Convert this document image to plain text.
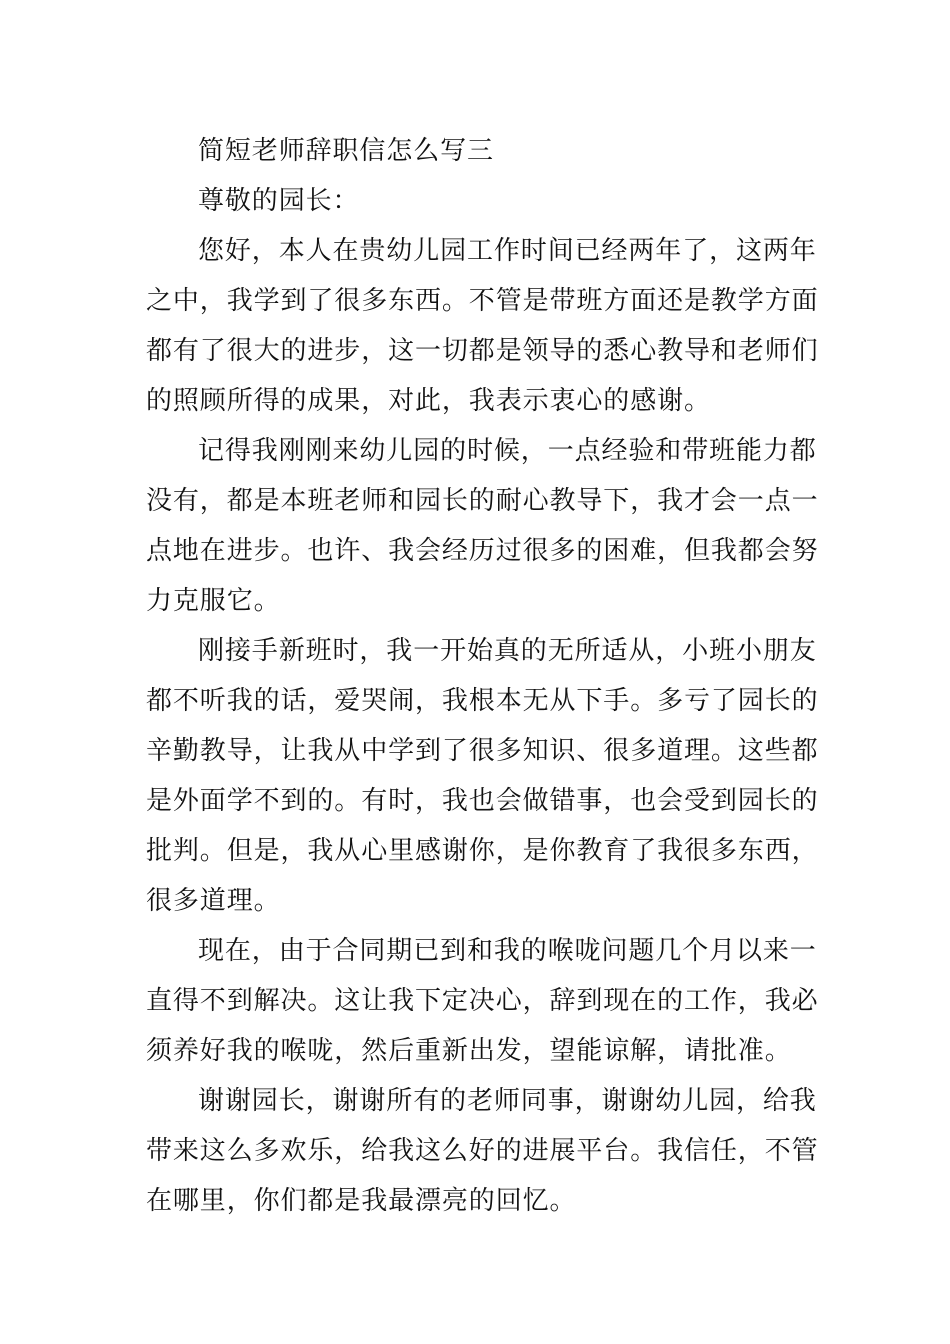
简短老师辞职信怎么写三

尊敬的园长：

您好，本人在贵幼儿园工作时间已经两年了，这两年

之中，我学到了很多东西。不管是带班方面还是教学方面

都有了很大的进步，这一切都是领导的悉心教导和老师们

的照顾所得的成果，对此，我表示衷心的感谢。

记得我刚刚来幼儿园的时候，一点经验和带班能力都

没有，都是本班老师和园长的耐心教导下，我才会一点一

点地在进步。也许、我会经历过很多的困难，但我都会努

力克服它。

刚接手新班时，我一开始真的无所适从，小班小朋友

都不听我的话，爱哭闹，我根本无从下手。多亏了园长的

辛勤教导，让我从中学到了很多知识、很多道理。这些都

是外面学不到的。有时，我也会做错事，也会受到园长的

批判。但是，我从心里感谢你，是你教育了我很多东西，

很多道理。

现在，由于合同期已到和我的喉咙问题几个月以来一

直得不到解决。这让我下定决心，辞到现在的工作，我必

须养好我的喉咙，然后重新出发，望能谅解，请批准。

谢谢园长，谢谢所有的老师同事，谢谢幼儿园，给我

带来这么多欢乐，给我这么好的进展平台。我信任，不管

在哪里，你们都是我最漂亮的回忆。
